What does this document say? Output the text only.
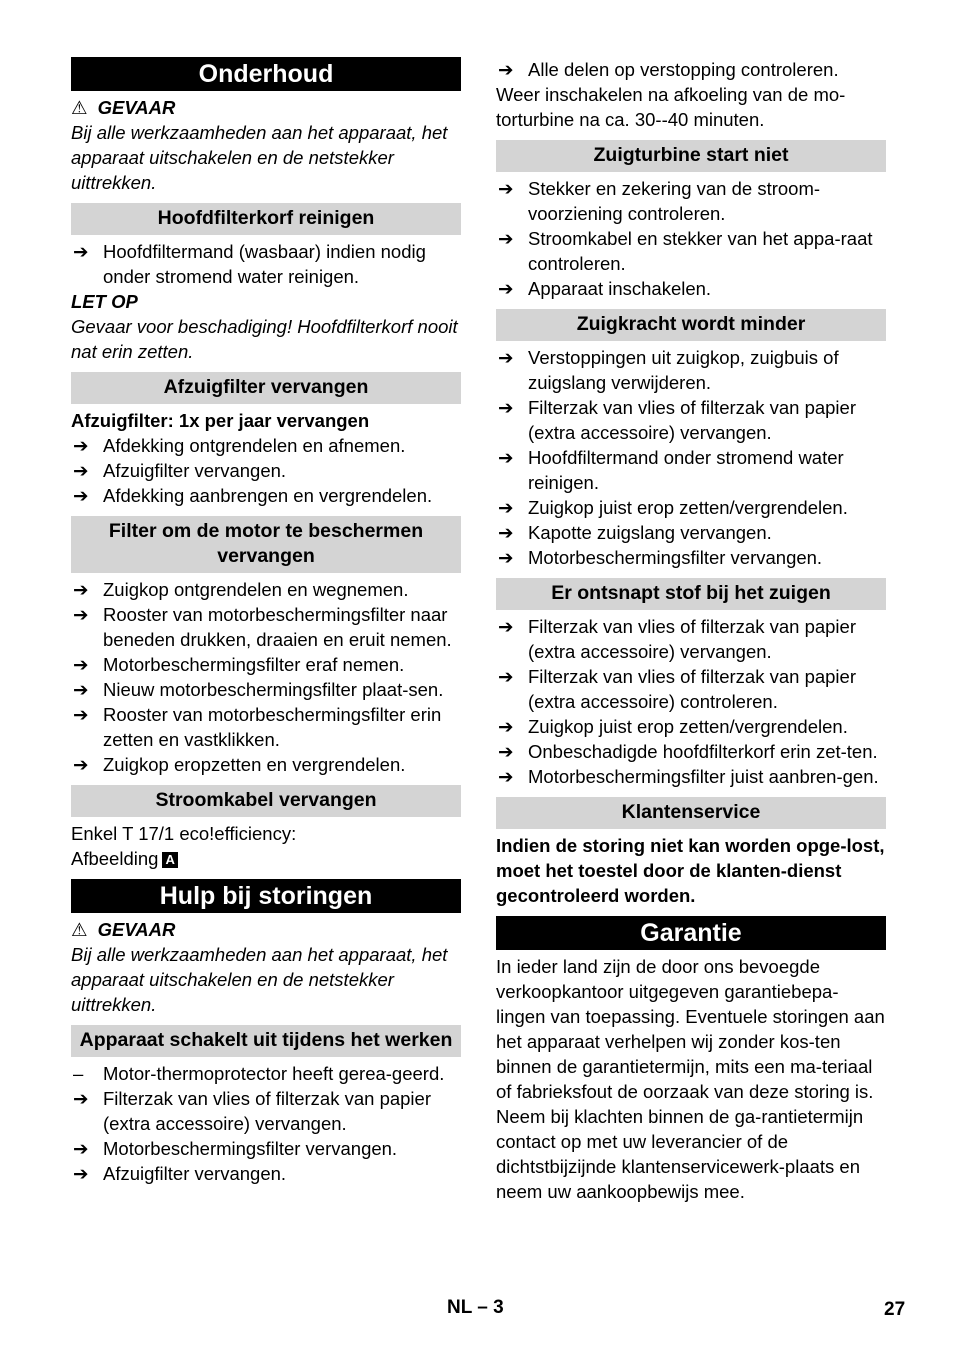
Onderhoud

⚠ GEVAAR

Bij alle werkzaamheden aan het apparaat, het apparaat uitschakelen en de netstekker uittrekken.

Hoofdfilterkorf reinigen
➔ Hoofdfiltermand (wasbaar) indien nodig onder stromend water reinigen.

LET OP

Gevaar voor beschadiging! Hoofdfilterkorf nooit nat erin zetten.

Afzuigfilter vervangen

Afzuigfilter: 1x per jaar vervangen

➔ Afdekking ontgrendelen en afnemen.
➔ Afzuigfilter vervangen.
➔ Afdekking aanbrengen en vergrendelen.
Filter om de motor te beschermen vervangen
➔ Zuigkop ontgrendelen en wegnemen.
➔ Rooster van motorbeschermingsfilter naar beneden drukken, draaien en eruit nemen.
➔ Motorbeschermingsfilter eraf nemen.
➔ Nieuw motorbeschermingsfilter plaat-sen.
➔ Rooster van motorbeschermingsfilter erin zetten en vastklikken.
➔ Zuigkop eropzetten en vergrendelen.
Stroomkabel vervangen

Enkel T 17/1 eco!efficiency:

Afbeelding A

Hulp bij storingen

⚠ GEVAAR

Bij alle werkzaamheden aan het apparaat, het apparaat uitschakelen en de netstekker uittrekken.

Apparaat schakelt uit tijdens het werken
– Motor-thermoprotector heeft gerea-geerd.
➔ Filterzak van vlies of filterzak van papier (extra accessoire) vervangen.
➔ Motorbeschermingsfilter vervangen.
➔ Afzuigfilter vervangen.
➔ Alle delen op verstopping controleren.

Weer inschakelen na afkoeling van de mo-torturbine na ca. 30--40 minuten.

Zuigturbine start niet
➔ Stekker en zekering van de stroom-voorziening controleren.
➔ Stroomkabel en stekker van het appa-raat controleren.
➔ Apparaat inschakelen.
Zuigkracht wordt minder
➔ Verstoppingen uit zuigkop, zuigbuis of zuigslang verwijderen.
➔ Filterzak van vlies of filterzak van papier (extra accessoire) vervangen.
➔ Hoofdfiltermand onder stromend water reinigen.
➔ Zuigkop juist erop zetten/vergrendelen.
➔ Kapotte zuigslang vervangen.
➔ Motorbeschermingsfilter vervangen.
Er ontsnapt stof bij het zuigen
➔ Filterzak van vlies of filterzak van papier (extra accessoire) vervangen.
➔ Filterzak van vlies of filterzak van papier (extra accessoire) controleren.
➔ Zuigkop juist erop zetten/vergrendelen.
➔ Onbeschadigde hoofdfilterkorf erin zet-ten.
➔ Motorbeschermingsfilter juist aanbren-gen.
Klantenservice

Indien de storing niet kan worden opge-lost, moet het toestel door de klanten-dienst gecontroleerd worden.

Garantie

In ieder land zijn de door ons bevoegde verkoopkantoor uitgegeven garantiebepa-lingen van toepassing. Eventuele storingen aan het apparaat verhelpen wij zonder kos-ten binnen de garantietermijn, mits een ma-teriaal of fabrieksfout de oorzaak van deze storing is. Neem bij klachten binnen de ga-rantietermijn contact op met uw leverancier of de dichtstbijzijnde klantenservicewerk-plaats en neem uw aankoopbewijs mee.

NL – 3	27
